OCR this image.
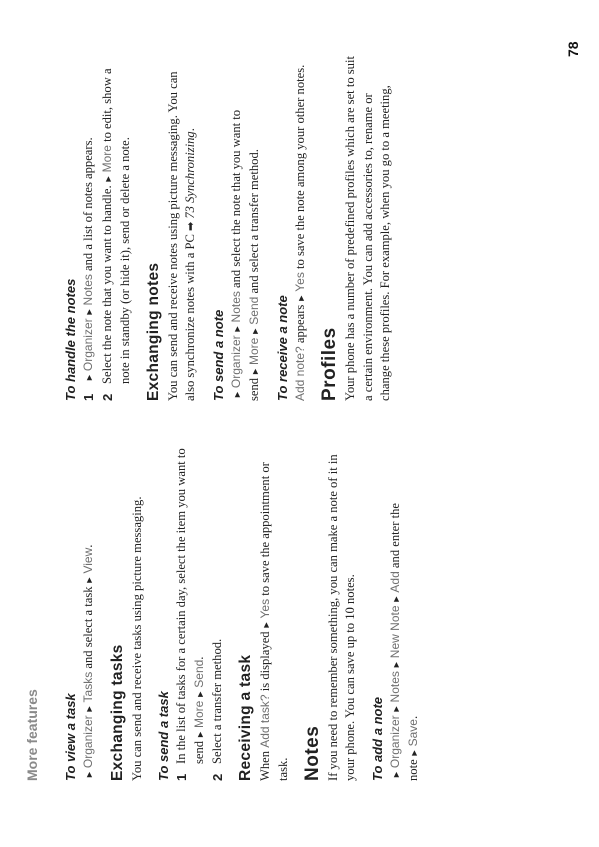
More features To view a task ►Organizer►Tasks and select a task►View.

Exchanging tasks You can send and receive tasks using picture messaging. To send a task 1
In the list of tasks for a certain day, select the item you want to send►More►Send.
2
Select a transfer method. Receiving a task When Add task? is displayed►Yes to save the appointment or task. Notes If you need to remember something, you can make a note of it in your phone. You can save up to 10 notes. To add a note ►Organizer►Notes►New Note►Add and enter the note►Save.

To handle the notes 1
►Organizer►Notes and a list of notes appears.
2
Select the note that you want to handle.►More to edit, show a note in standby (or hide it), send or delete a note. Exchanging notes You can send and receive notes using picture messaging. You can also synchronize notes with a PC ➡ 73 Synchronizing.

To send a note ►Organizer►Notes and select the note that you want to send►More►Send and select a transfer method.

To receive a note Add note? appears►Yes to save the note among your other notes.

Profiles Your phone has a number of predefined profiles which are set to suit a certain environment. You can add accessories to, rename or change these profiles. For example, when you go to a meeting,

78
